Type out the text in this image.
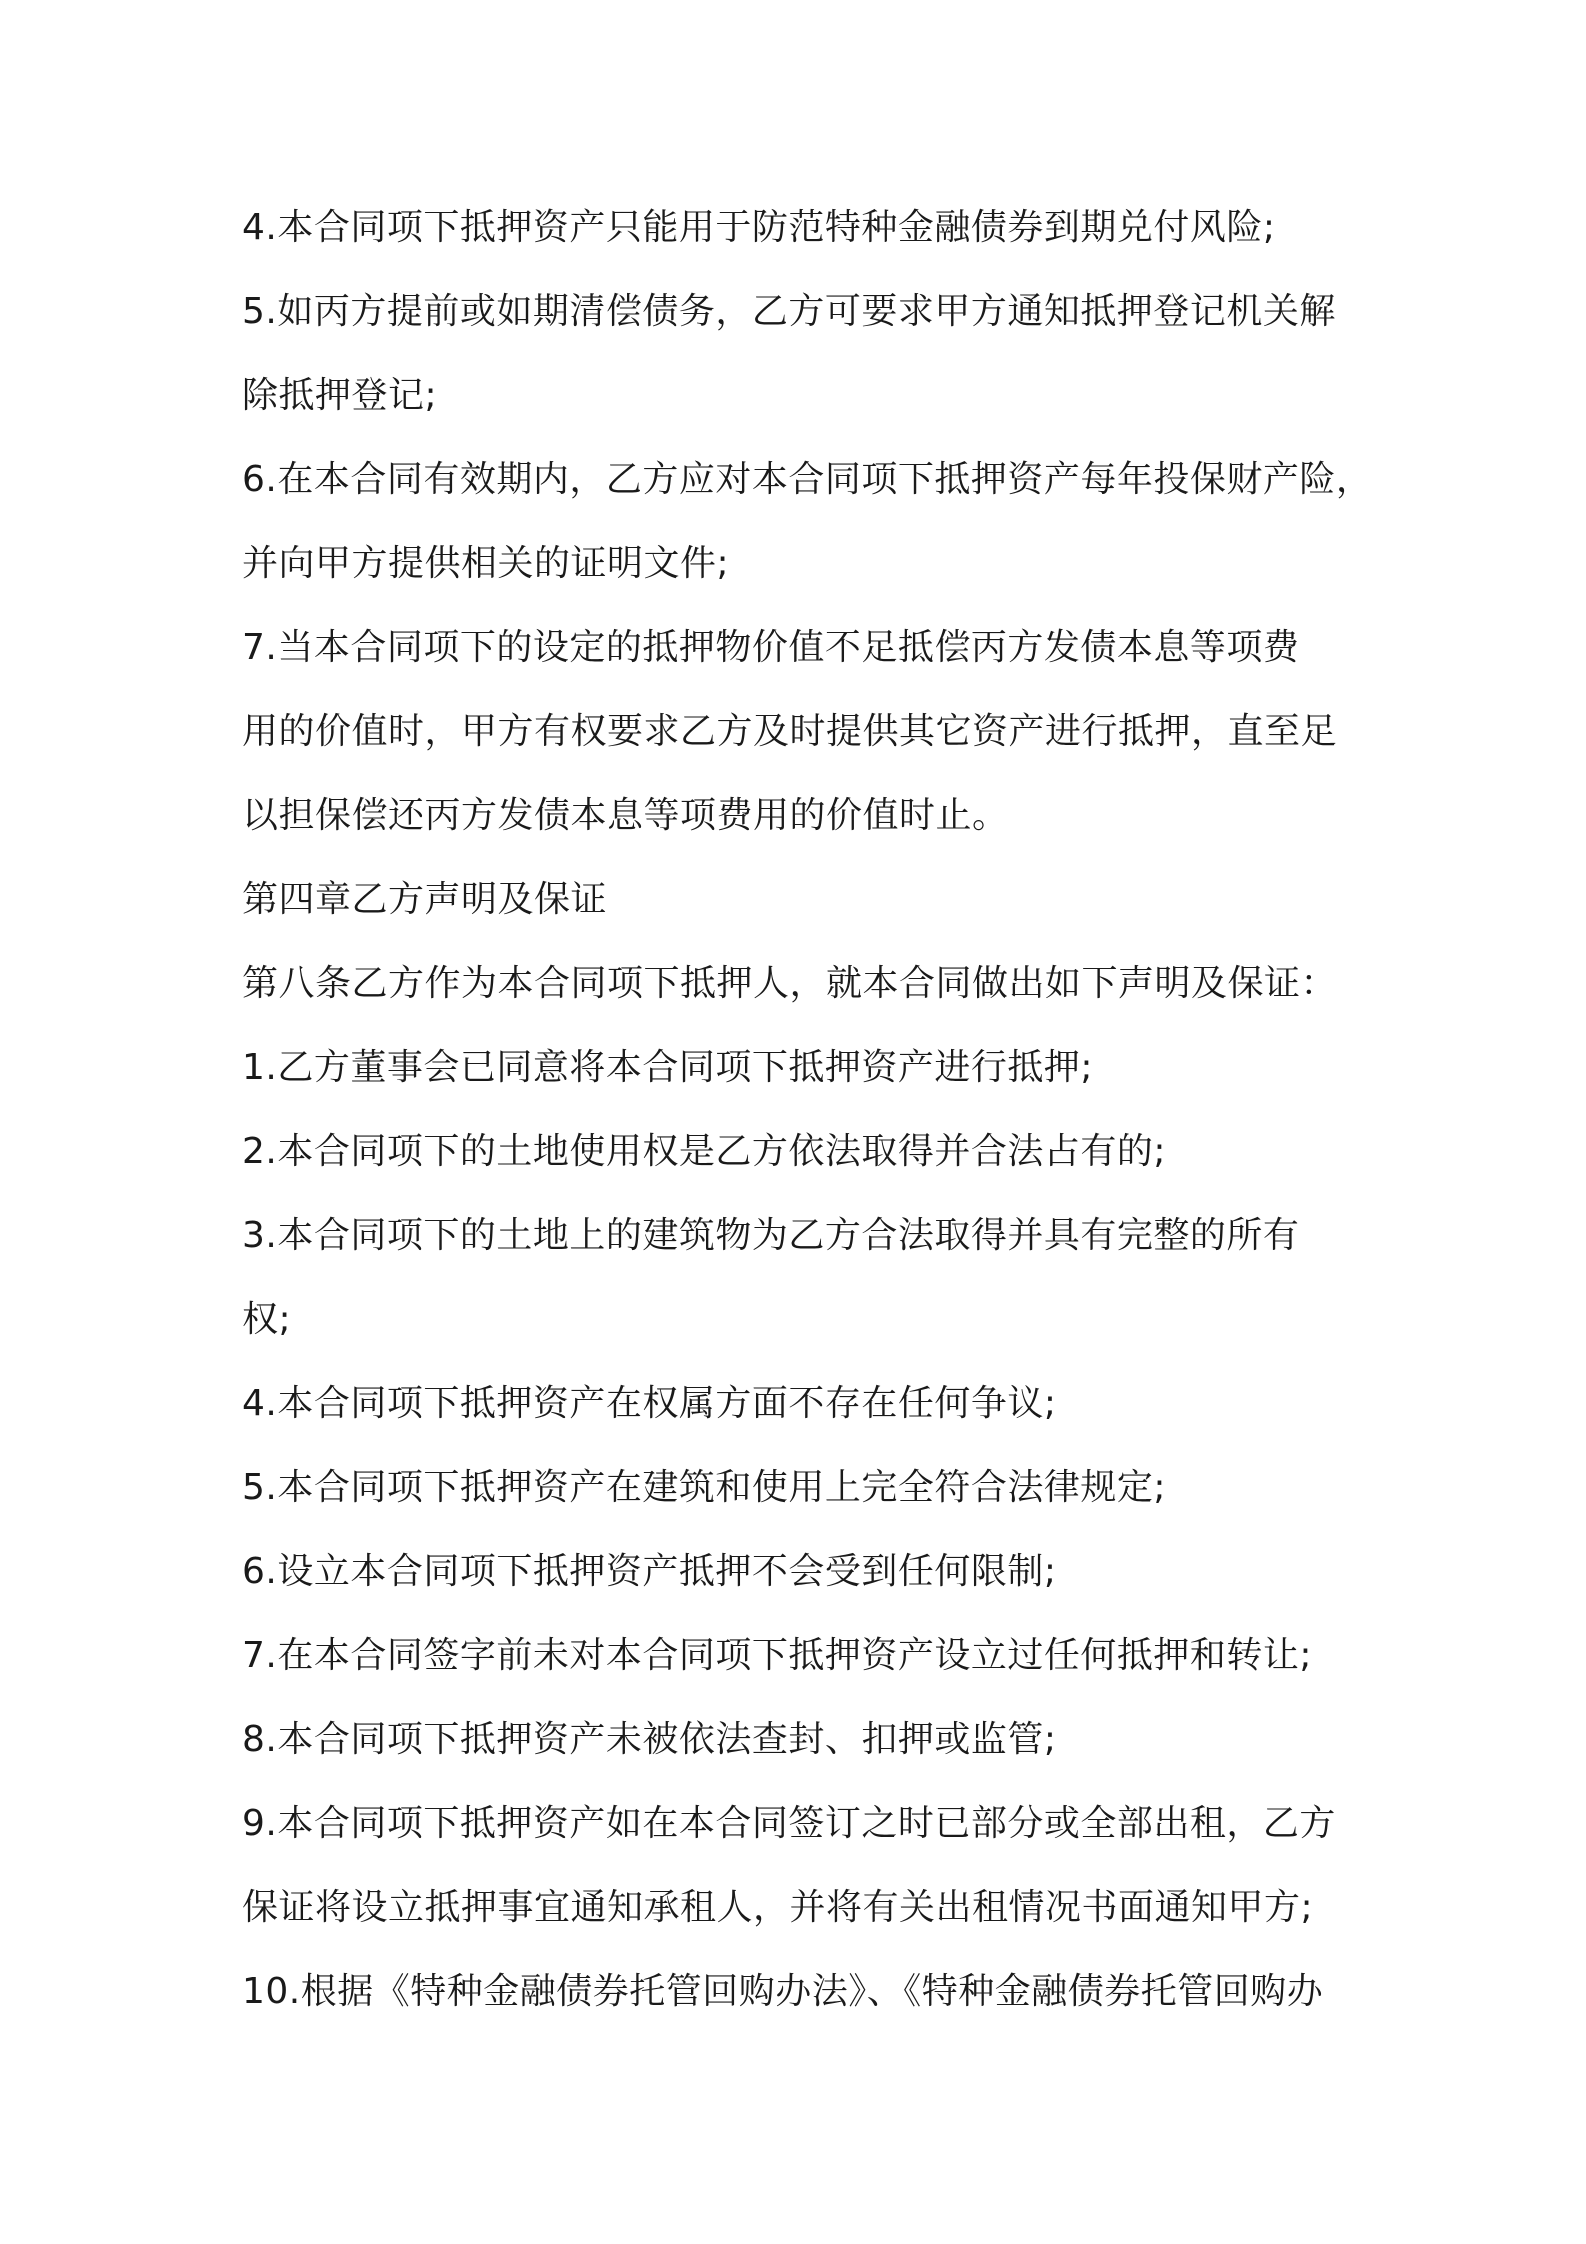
4.本合同项下抵押资产只能用于防范特种金融债券到期兑付风险;

5.如丙方提前或如期清偿债务，乙方可要求甲方通知抵押登记机关解

除抵押登记;

6.在本合同有效期内，乙方应对本合同项下抵押资产每年投保财产险，

并向甲方提供相关的证明文件;

7.当本合同项下的设定的抵押物价值不足抵偿丙方发债本息等项费

用的价值时，甲方有权要求乙方及时提供其它资产进行抵押，直至足

以担保偿还丙方发债本息等项费用的价值时止。

第四章乙方声明及保证

第八条乙方作为本合同项下抵押人，就本合同做出如下声明及保证：

1.乙方董事会已同意将本合同项下抵押资产进行抵押;

2.本合同项下的土地使用权是乙方依法取得并合法占有的;

3.本合同项下的土地上的建筑物为乙方合法取得并具有完整的所有

权;

4.本合同项下抵押资产在权属方面不存在任何争议;

5.本合同项下抵押资产在建筑和使用上完全符合法律规定;

6.设立本合同项下抵押资产抵押不会受到任何限制;

7.在本合同签字前未对本合同项下抵押资产设立过任何抵押和转让;

8.本合同项下抵押资产未被依法查封、扣押或监管;

9.本合同项下抵押资产如在本合同签订之时已部分或全部出租，乙方

保证将设立抵押事宜通知承租人，并将有关出租情况书面通知甲方;

10.根据《特种金融债券托管回购办法》、《特种金融债券托管回购办
